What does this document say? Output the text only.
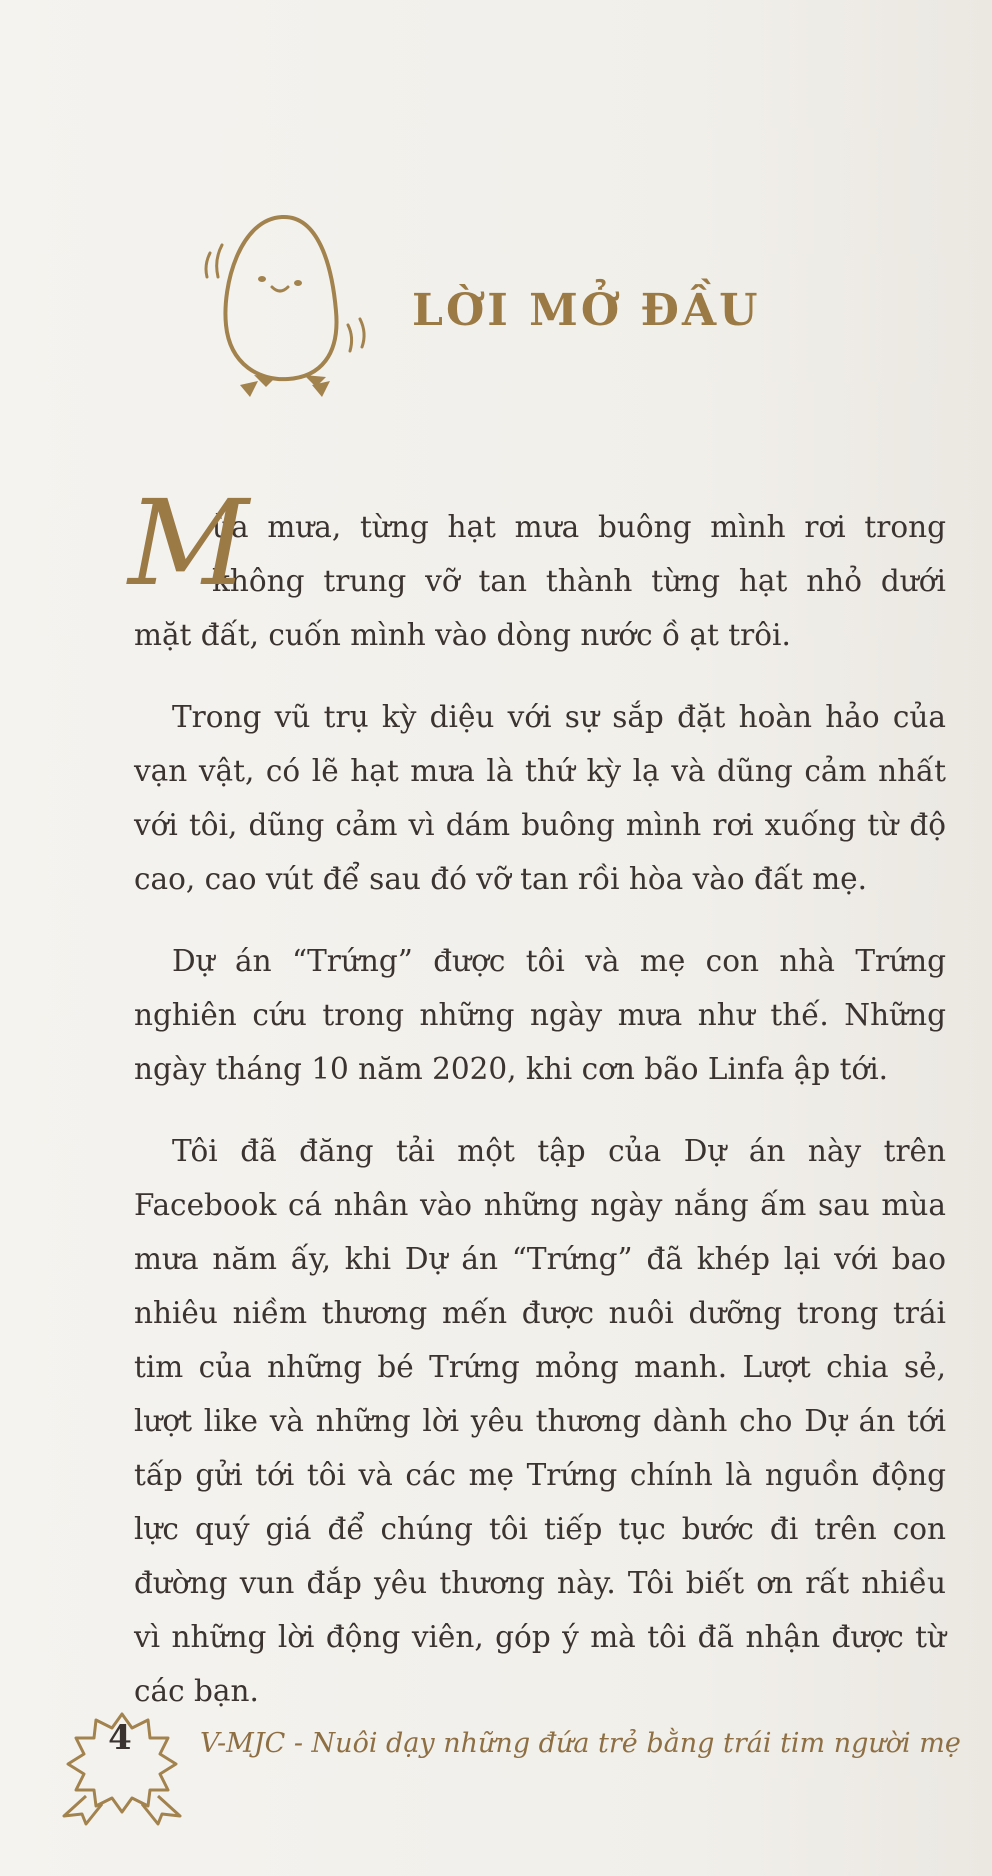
LỜI MỞ ĐẦU

M
ùa mưa, từng hạt mưa buông mình rơi trong
không trung vỡ tan thành từng hạt nhỏ dưới
mặt đất, cuốn mình vào dòng nước ồ ạt trôi.

Trong vũ trụ kỳ diệu với sự sắp đặt hoàn hảo của vạn vật, có lẽ hạt mưa là thứ kỳ lạ và dũng cảm nhất với tôi, dũng cảm vì dám buông mình rơi xuống từ độ cao, cao vút để sau đó vỡ tan rồi hòa vào đất mẹ.

Dự án “Trứng” được tôi và mẹ con nhà Trứng nghiên cứu trong những ngày mưa như thế. Những ngày tháng 10 năm 2020, khi cơn bão Linfa ập tới.

Tôi đã đăng tải một tập của Dự án này trên Facebook cá nhân vào những ngày nắng ấm sau mùa mưa năm ấy, khi Dự án “Trứng” đã khép lại với bao nhiêu niềm thương mến được nuôi dưỡng trong trái tim của những bé Trứng mỏng manh. Lượt chia sẻ, lượt like và những lời yêu thương dành cho Dự án tới tấp gửi tới tôi và các mẹ Trứng chính là nguồn động lực quý giá để chúng tôi tiếp tục bước đi trên con đường vun đắp yêu thương này. Tôi biết ơn rất nhiều vì những lời động viên, góp ý mà tôi đã nhận được từ các bạn.

4	V-MJC - Nuôi dạy những đứa trẻ bằng trái tim người mẹ
